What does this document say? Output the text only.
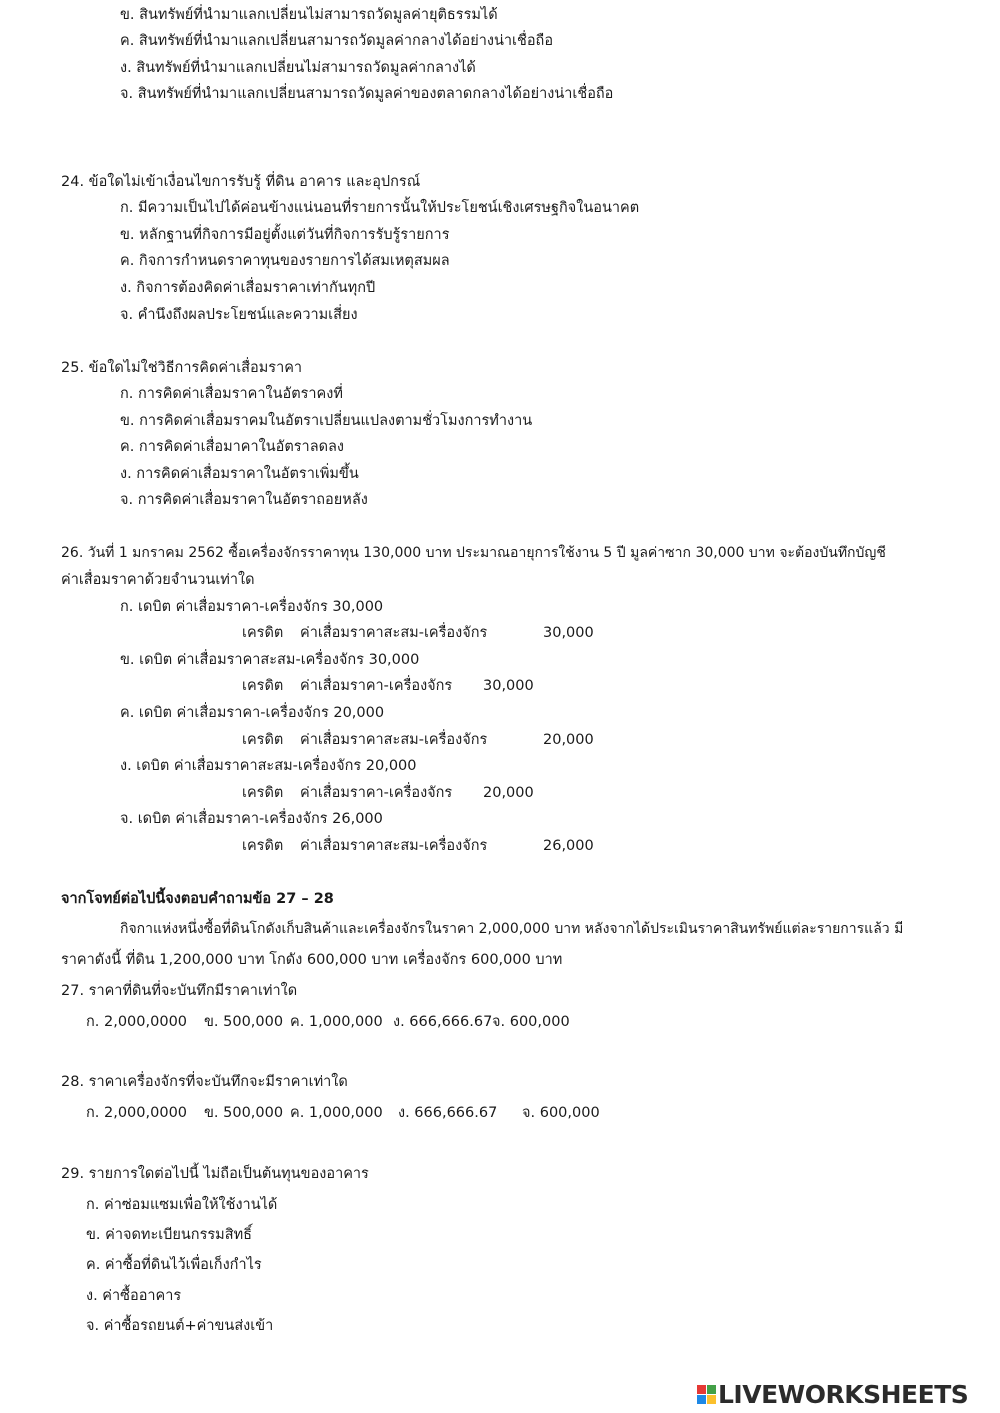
ข. สินทรัพย์ที่นำมาแลกเปลี่ยนไม่สามารถวัดมูลค่ายุติธรรมได้
ค. สินทรัพย์ที่นำมาแลกเปลี่ยนสามารถวัดมูลค่ากลางได้อย่างน่าเชื่อถือ
ง. สินทรัพย์ที่นำมาแลกเปลี่ยนไม่สามารถวัดมูลค่ากลางได้
จ. สินทรัพย์ที่นำมาแลกเปลี่ยนสามารถวัดมูลค่าของตลาดกลางได้อย่างน่าเชื่อถือ
24. ข้อใดไม่เข้าเงื่อนไขการรับรู้ ที่ดิน อาคาร และอุปกรณ์
ก. มีความเป็นไปได้ค่อนข้างแน่นอนที่รายการนั้นให้ประโยชน์เชิงเศรษฐกิจในอนาคต
ข. หลักฐานที่กิจการมีอยู่ตั้งแต่วันที่กิจการรับรู้รายการ
ค. กิจการกำหนดราคาทุนของรายการได้สมเหตุสมผล
ง. กิจการต้องคิดค่าเสื่อมราคาเท่ากันทุกปี
จ. คำนึงถึงผลประโยชน์และความเสี่ยง
25. ข้อใดไม่ใช่วิธีการคิดค่าเสื่อมราคา
ก. การคิดค่าเสื่อมราคาในอัตราคงที่
ข. การคิดค่าเสื่อมราคมในอัตราเปลี่ยนแปลงตามชั่วโมงการทำงาน
ค. การคิดค่าเสื่อมาคาในอัตราลดลง
ง. การคิดค่าเสื่อมราคาในอัตราเพิ่มขึ้น
จ. การคิดค่าเสื่อมราคาในอัตราถอยหลัง
26. วันที่ 1 มกราคม 2562 ซื้อเครื่องจักรราคาทุน 130,000 บาท ประมาณอายุการใช้งาน 5 ปี มูลค่าซาก 30,000 บาท จะต้องบันทึกบัญชี
ค่าเสื่อมราคาด้วยจำนวนเท่าใด
ก. เดบิต ค่าเสื่อมราคา-เครื่องจักร 30,000
เครดิต ค่าเสื่อมราคาสะสม-เครื่องจักร	30,000
ข. เดบิต ค่าเสื่อมราคาสะสม-เครื่องจักร 30,000
เครดิต ค่าเสื่อมราคา-เครื่องจักร 30,000
ค. เดบิต ค่าเสื่อมราคา-เครื่องจักร 20,000
เครดิต ค่าเสื่อมราคาสะสม-เครื่องจักร	20,000
ง. เดบิต ค่าเสื่อมราคาสะสม-เครื่องจักร 20,000
เครดิต ค่าเสื่อมราคา-เครื่องจักร 20,000
จ. เดบิต ค่าเสื่อมราคา-เครื่องจักร 26,000
เครดิต ค่าเสื่อมราคาสะสม-เครื่องจักร	26,000
จากโจทย์ต่อไปนี้จงตอบคำถามข้อ 27 – 28
กิจกาแห่งหนึ่งซื้อที่ดินโกดังเก็บสินค้าและเครื่องจักรในราคา 2,000,000 บาท หลังจากได้ประเมินราคาสินทรัพย์แต่ละรายการแล้ว มี
ราคาดังนี้ ที่ดิน 1,200,000 บาท โกดัง 600,000 บาท เครื่องจักร 600,000 บาท
27. ราคาที่ดินที่จะบันทึกมีราคาเท่าใด
ก. 2,000,0000 ข. 500,000 ค. 1,000,000 ง. 666,666.67 จ. 600,000
28. ราคาเครื่องจักรที่จะบันทึกจะมีราคาเท่าใด
ก. 2,000,0000 ข. 500,000 ค. 1,000,000 ง. 666,666.67 จ. 600,000
29. รายการใดต่อไปนี้ ไม่ถือเป็นต้นทุนของอาคาร
ก. ค่าซ่อมแซมเพื่อให้ใช้งานได้
ข. ค่าจดทะเบียนกรรมสิทธิ์
ค. ค่าซื้อที่ดินไว้เพื่อเก็งกำไร
ง. ค่าซื้ออาคาร
จ. ค่าซื้อรถยนต์+ค่าขนส่งเข้า
LIVEWORKSHEETS
